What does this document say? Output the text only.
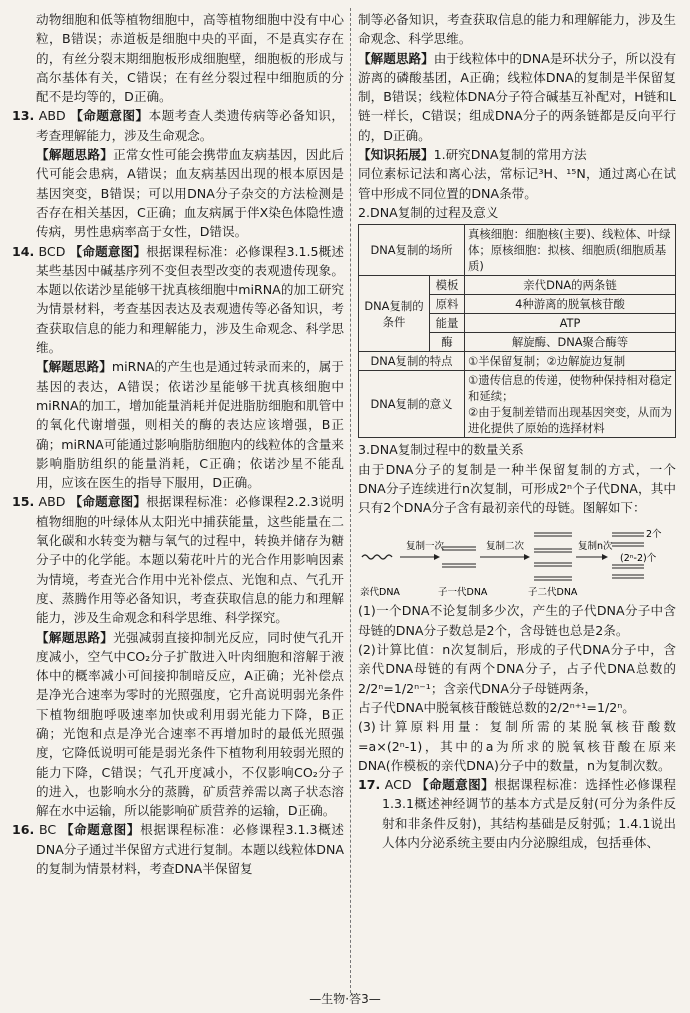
动物细胞和低等植物细胞中，高等植物细胞中没有中心粒，B错误；赤道板是细胞中央的平面，不是真实存在的，有丝分裂末期细胞板形成细胞壁，细胞板的形成与高尔基体有关，C错误；在有丝分裂过程中细胞质的分配不是均等的，D正确。

13. ABD 【命题意图】本题考查人类遗传病等必备知识，考查理解能力，涉及生命观念。

【解题思路】正常女性可能会携带血友病基因，因此后代可能会患病，A错误；血友病基因出现的根本原因是基因突变，B错误；可以用DNA分子杂交的方法检测是否存在相关基因，C正确；血友病属于伴X染色体隐性遗传病，男性患病率高于女性，D错误。

14. BCD 【命题意图】根据课程标准：必修课程3.1.5概述某些基因中碱基序列不变但表型改变的表观遗传现象。本题以依诺沙星能够干扰真核细胞中miRNA的加工研究为情景材料，考查基因表达及表观遗传等必备知识，考查获取信息的能力和理解能力，涉及生命观念、科学思维。

【解题思路】miRNA的产生也是通过转录而来的，属于基因的表达，A错误；依诺沙星能够干扰真核细胞中miRNA的加工，增加能量消耗并促进脂肪细胞和肌管中的氧化代谢增强，则相关的酶的表达应该增强，B正确；miRNA可能通过影响脂肪细胞内的线粒体的含量来影响脂肪组织的能量消耗，C正确；依诺沙星不能乱用，应该在医生的指导下服用，D正确。

15. ABD 【命题意图】根据课程标准：必修课程2.2.3说明植物细胞的叶绿体从太阳光中捕获能量，这些能量在二氧化碳和水转变为糖与氧气的过程中，转换并储存为糖分子中的化学能。本题以菊花叶片的光合作用影响因素为情境，考查光合作用中光补偿点、光饱和点、气孔开度、蒸腾作用等必备知识，考查获取信息的能力和理解能力，涉及生命观念和科学思维、科学探究。

【解题思路】光强减弱直接抑制光反应，同时使气孔开度减小，空气中CO₂分子扩散进入叶肉细胞和溶解于液体中的概率减小可间接抑制暗反应，A正确；光补偿点是净光合速率为零时的光照强度，它升高说明弱光条件下植物细胞呼吸速率加快或利用弱光能力下降，B正确；光饱和点是净光合速率不再增加时的最低光照强度，它降低说明可能是弱光条件下植物利用较弱光照的能力下降，C错误；气孔开度减小，不仅影响CO₂分子的进入，也影响水分的蒸腾，矿质营养需以离子状态溶解在水中运输，所以能影响矿质营养的运输，D正确。

16. BC 【命题意图】根据课程标准：必修课程3.1.3概述DNA分子通过半保留方式进行复制。本题以线粒体DNA的复制为情景材料，考查DNA半保留复

制等必备知识，考查获取信息的能力和理解能力，涉及生命观念、科学思维。

【解题思路】由于线粒体中的DNA是环状分子，所以没有游离的磷酸基团，A正确；线粒体DNA的复制是半保留复制，B错误；线粒体DNA分子符合碱基互补配对，H链和L链一样长，C错误；组成DNA分子的两条链都是反向平行的，D正确。

【知识拓展】1.研究DNA复制的常用方法

同位素标记法和离心法，常标记³H、¹⁵N，通过离心在试管中形成不同位置的DNA条带。

2.DNA复制的过程及意义

DNA复制的场所		真核细胞：细胞核(主要)、线粒体、叶绿体；原核细胞：拟核、细胞质(细胞质基质)
DNA复制的条件	模板	亲代DNA的两条链
	原料	4种游离的脱氧核苷酸
	能量	ATP
	酶	解旋酶、DNA聚合酶等
DNA复制的特点		①半保留复制；②边解旋边复制
DNA复制的意义		①遗传信息的传递，使物种保持相对稳定和延续；
②由于复制差错而出现基因突变，从而为进化提供了原始的选择材料

3.DNA复制过程中的数量关系

由于DNA分子的复制是一种半保留复制的方式，一个DNA分子连续进行n次复制，可形成2ⁿ个子代DNA，其中只有2个DNA分子含有最初亲代的母链。图解如下：

复制一次	复制二次	复制n次
2个
(2ⁿ-2)个
亲代DNA	子一代DNA	子二代DNA

(1)一个DNA不论复制多少次，产生的子代DNA分子中含母链的DNA分子数总是2个，含母链也总是2条。

(2)计算比值：n次复制后，形成的子代DNA分子中，含亲代DNA母链的有两个DNA分子，占子代DNA总数的2/2ⁿ=1/2ⁿ⁻¹；含亲代DNA分子母链两条，

占子代DNA中脱氧核苷酸链总数的2/2ⁿ⁺¹=1/2ⁿ。

(3)计算原料用量：复制所需的某脱氧核苷酸数=a×(2ⁿ-1)，其中的a为所求的脱氧核苷酸在原来DNA(作模板的亲代DNA)分子中的数量，n为复制次数。

17. ACD 【命题意图】根据课程标准：选择性必修课程1.3.1概述神经调节的基本方式是反射(可分为条件反射和非条件反射)，其结构基础是反射弧；1.4.1说出人体内分泌系统主要由内分泌腺组成，包括垂体、

—生物·答3—
